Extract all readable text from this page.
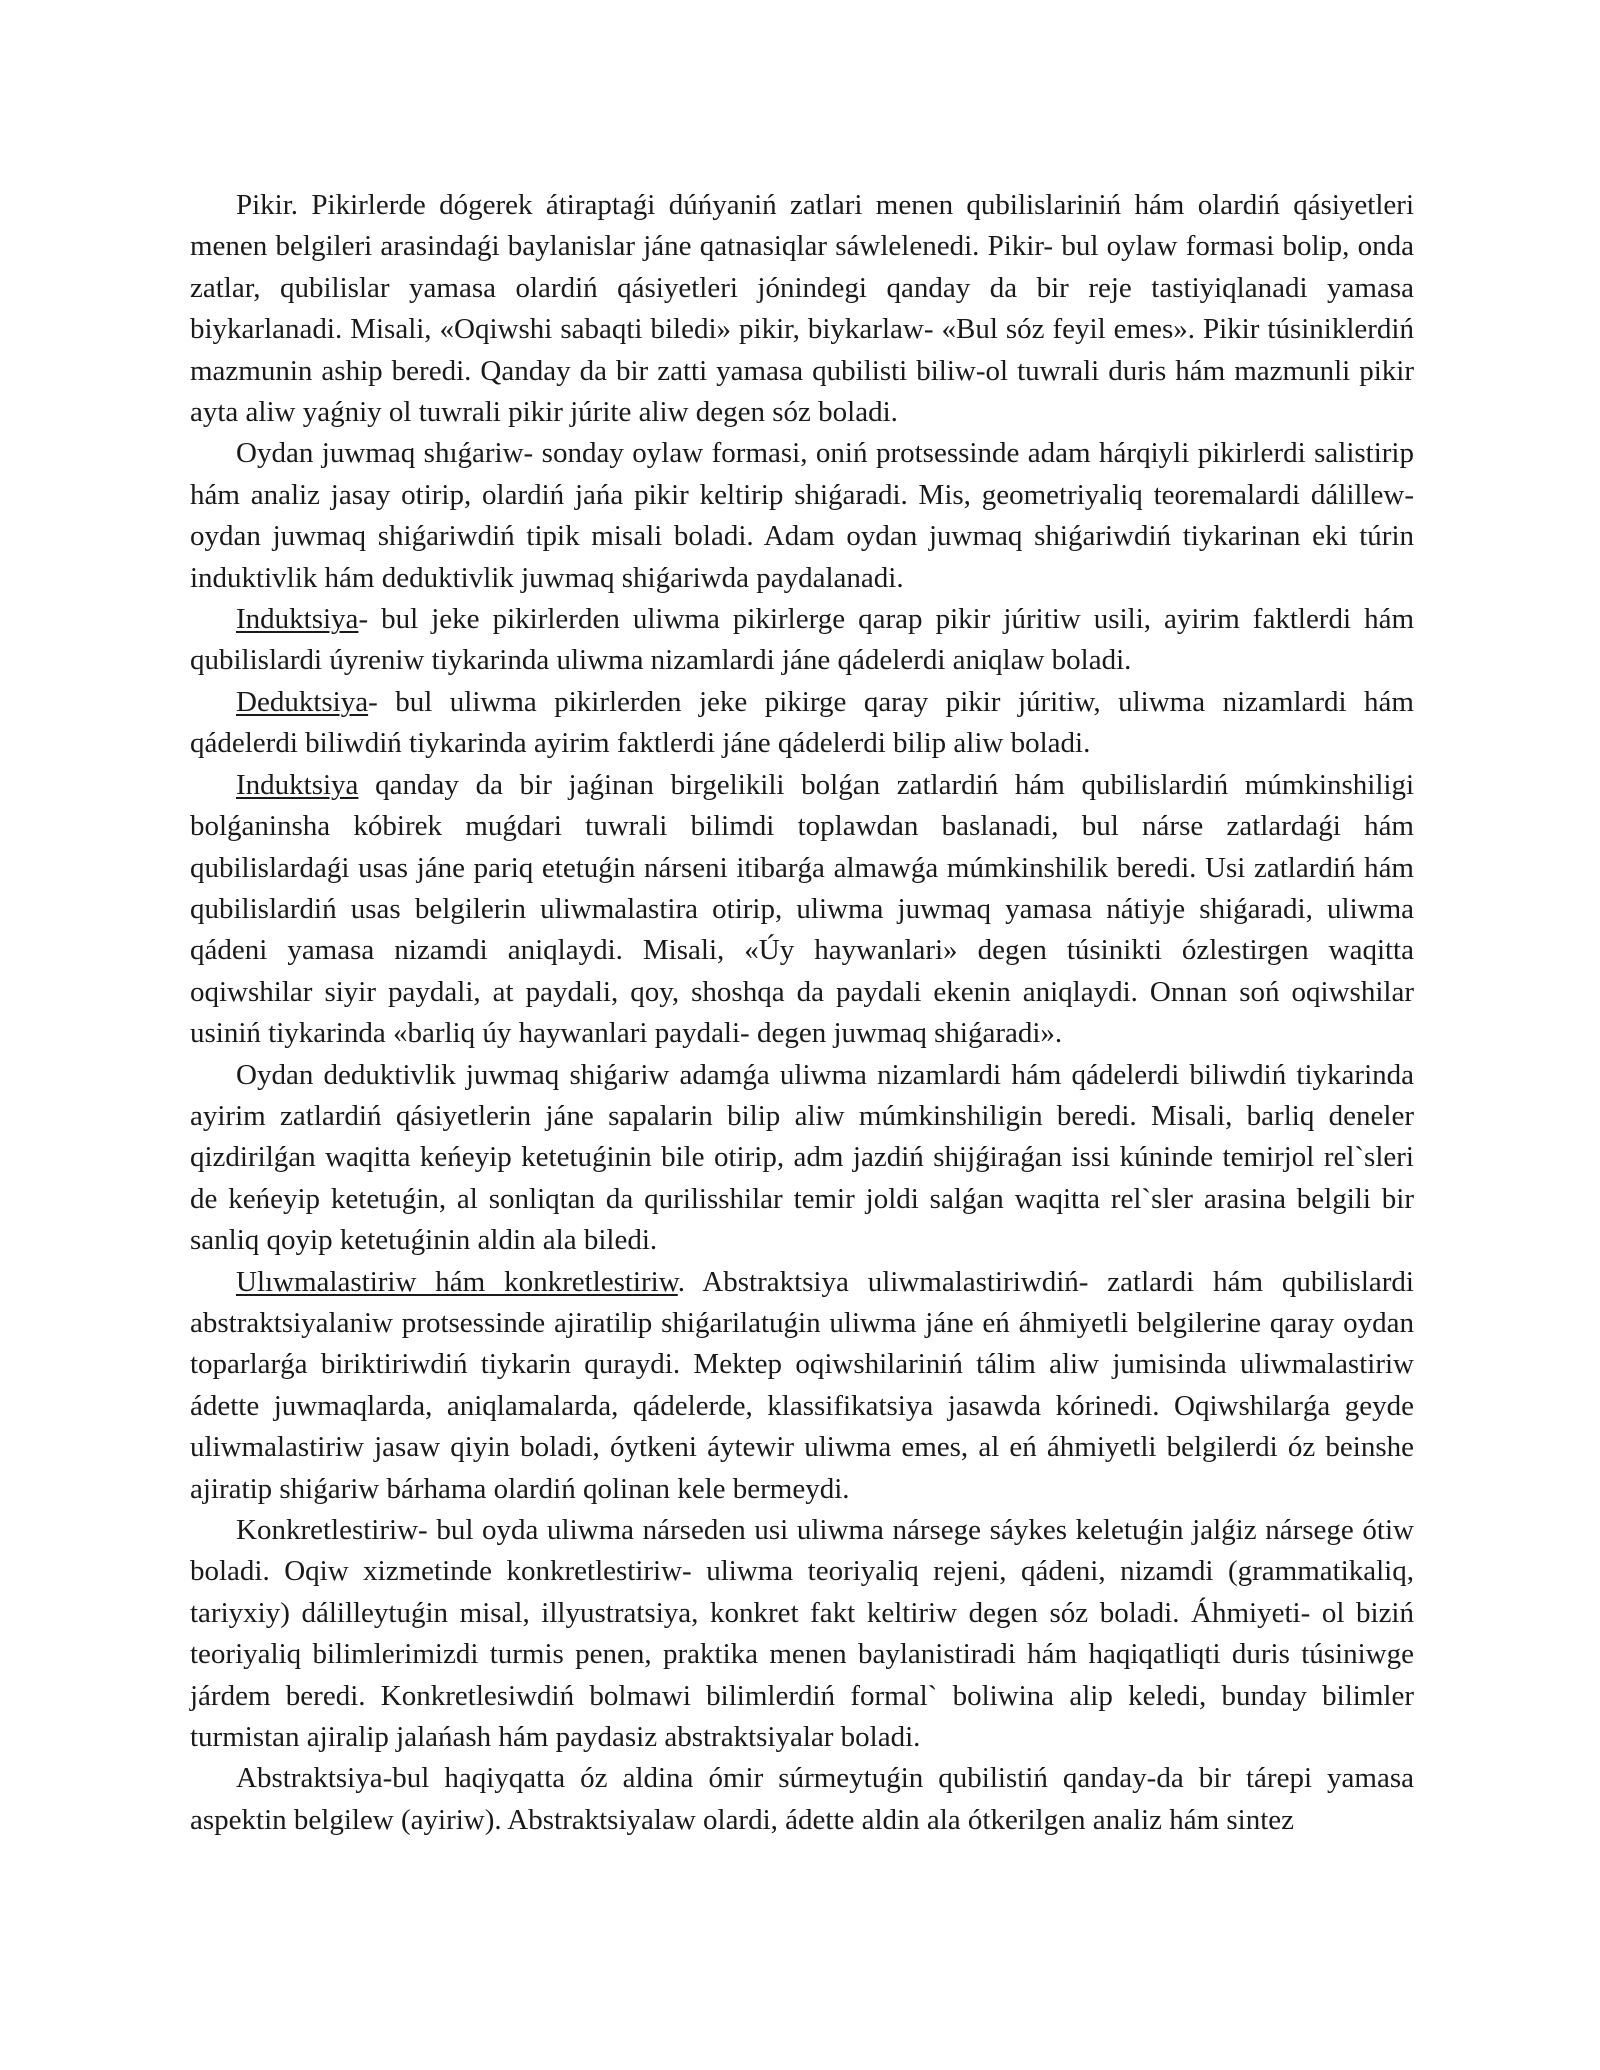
Pikir. Pikirlerde dógerek átiraptaǵi dúńyaniń zatlari menen qubilislariniń hám olardiń qásiyetleri menen belgileri arasindaǵi baylanislar jáne qatnasiqlar sáwlelenedi. Pikir- bul oylaw formasi bolip, onda zatlar, qubilislar yamasa olardiń qásiyetleri jónindegi qanday da bir reje tastiyiqlanadi yamasa biykarlanadi. Misali, «Oqiwshi sabaqti biledi» pikir, biykarlaw- «Bul sóz feyil emes». Pikir túsiniklerdiń mazmunin aship beredi. Qanday da bir zatti yamasa qubilisti biliw-ol tuwrali duris hám mazmunli pikir ayta aliw yaǵniy ol tuwrali pikir júrite aliw degen sóz boladi.

Oydan juwmaq shıǵariw- sonday oylaw formasi, oniń protsessinde adam hárqiyli pikirlerdi salistirip hám analiz jasay otirip, olardiń jańa pikir keltirip shiǵaradi. Mis, geometriyaliq teoremalardi dálillew- oydan juwmaq shiǵariwdiń tipik misali boladi. Adam oydan juwmaq shiǵariwdiń tiykarinan eki túrin induktivlik hám deduktivlik juwmaq shiǵariwda paydalanadi.

Induktsiya- bul jeke pikirlerden uliwma pikirlerge qarap pikir júritiw usili, ayirim faktlerdi hám qubilislardi úyreniw tiykarinda uliwma nizamlardi jáne qádelerdi aniqlaw boladi.

Deduktsiya- bul uliwma pikirlerden jeke pikirge qaray pikir júritiw, uliwma nizamlardi hám qádelerdi biliwdiń tiykarinda ayirim faktlerdi jáne qádelerdi bilip aliw boladi.

Induktsiya qanday da bir jaǵinan birgelikili bolǵan zatlardiń hám qubilislardiń múmkinshiligi bolǵaninsha kóbirek muǵdari tuwrali bilimdi toplawdan baslanadi, bul nárse zatlardaǵi hám qubilislardaǵi usas jáne pariq etetuǵin nárseni itibarǵa almawǵa múmkinshilik beredi. Usi zatlardiń hám qubilislardiń usas belgilerin uliwmalastira otirip, uliwma juwmaq yamasa nátiyje shiǵaradi, uliwma qádeni yamasa nizamdi aniqlaydi. Misali, «Úy haywanlari» degen túsinikti ózlestirgen waqitta oqiwshilar siyir paydali, at paydali, qoy, shoshqa da paydali ekenin aniqlaydi. Onnan soń oqiwshilar usiniń tiykarinda «barliq úy haywanlari paydali- degen juwmaq shiǵaradi».

Oydan deduktivlik juwmaq shiǵariw adamǵa uliwma nizamlardi hám qádelerdi biliwdiń tiykarinda ayirim zatlardiń qásiyetlerin jáne sapalarin bilip aliw múmkinshiligin beredi. Misali, barliq deneler qizdirilǵan waqitta keńeyip ketetuǵinin bile otirip, adm jazdiń shijǵiraǵan issi kúninde temirjol rel`sleri de keńeyip ketetuǵin, al sonliqtan da qurilisshilar temir joldi salǵan waqitta rel`sler arasina belgili bir sanliq qoyip ketetuǵinin aldin ala biledi.

Ulıwmalastiriw hám konkretlestiriw. Abstraktsiya uliwmalastiriwdiń- zatlardi hám qubilislardi abstraktsiyalaniw protsessinde ajiratilip shiǵarilatuǵin uliwma jáne eń áhmiyetli belgilerine qaray oydan toparlarǵa biriktiriwdiń tiykarin quraydi. Mektep oqiwshilariniń tálim aliw jumisinda uliwmalastiriw ádette juwmaqlarda, aniqlamalarda, qádelerde, klassifikatsiya jasawda kórinedi. Oqiwshilarǵa geyde uliwmalastiriw jasaw qiyin boladi, óytkeni áytewir uliwma emes, al eń áhmiyetli belgilerdi óz beinshe ajiratip shiǵariw bárhama olardiń qolinan kele bermeydi.

Konkretlestiriw- bul oyda uliwma nárseden usi uliwma nársege sáykes keletuǵin jalǵiz nársege ótiw boladi. Oqiw xizmetinde konkretlestiriw- uliwma teoriyaliq rejeni, qádeni, nizamdi (grammatikaliq, tariyxiy) dálilleytuǵin misal, illyustratsiya, konkret fakt keltiriw degen sóz boladi. Áhmiyeti- ol biziń teoriyaliq bilimlerimizdi turmis penen, praktika menen baylanistiradi hám haqiqatliqti duris túsiniwge járdem beredi. Konkretlesiwdiń bolmawi bilimlerdiń formal` boliwina alip keledi, bunday bilimler turmistan ajiralip jalańash hám paydasiz abstraktsiyalar boladi.

Abstraktsiya-bul haqiyqatta óz aldina ómir súrmeytuǵin qubilistiń qanday-da bir tárepi yamasa aspektin belgilew (ayiriw). Abstraktsiyalaw olardi, ádette aldin ala ótkerilgen analiz hám sintez
